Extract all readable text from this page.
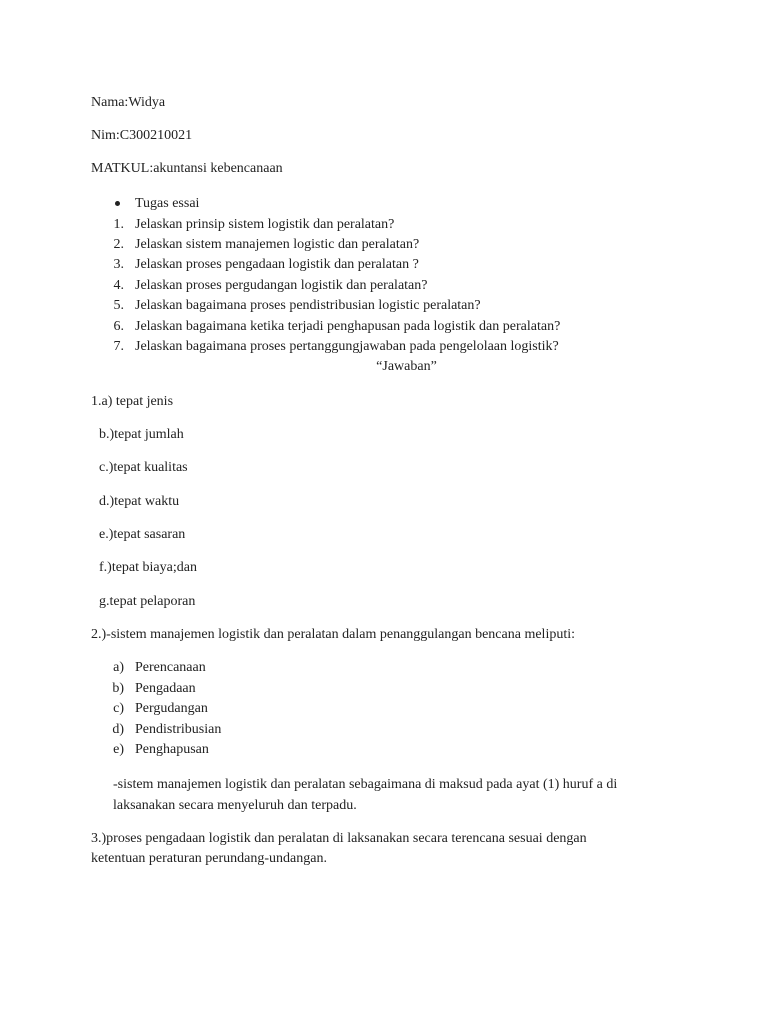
Nama:Widya
Nim:C300210021
MATKUL:akuntansi kebencanaan
Tugas essai
1. Jelaskan prinsip sistem logistik dan peralatan?
2. Jelaskan sistem manajemen logistic dan peralatan?
3. Jelaskan proses pengadaan logistik dan peralatan ?
4. Jelaskan proses pergudangan logistik dan peralatan?
5. Jelaskan bagaimana proses pendistribusian logistic peralatan?
6. Jelaskan bagaimana ketika terjadi penghapusan pada logistik dan peralatan?
7. Jelaskan bagaimana proses pertanggungjawaban pada pengelolaan logistik?
“Jawaban”
1.a) tepat jenis
b.)tepat jumlah
c.)tepat kualitas
d.)tepat waktu
e.)tepat sasaran
f.)tepat biaya;dan
g.tepat pelaporan
2.)-sistem manajemen logistik dan peralatan dalam penanggulangan bencana meliputi:
a) Perencanaan
b) Pengadaan
c) Pergudangan
d) Pendistribusian
e) Penghapusan
-sistem manajemen logistik dan peralatan sebagaimana di maksud pada ayat (1) huruf a di
laksanakan secara menyeluruh dan terpadu.
3.)proses pengadaan logistik dan peralatan di laksanakan secara terencana sesuai dengan
ketentuan peraturan perundang-undangan.
